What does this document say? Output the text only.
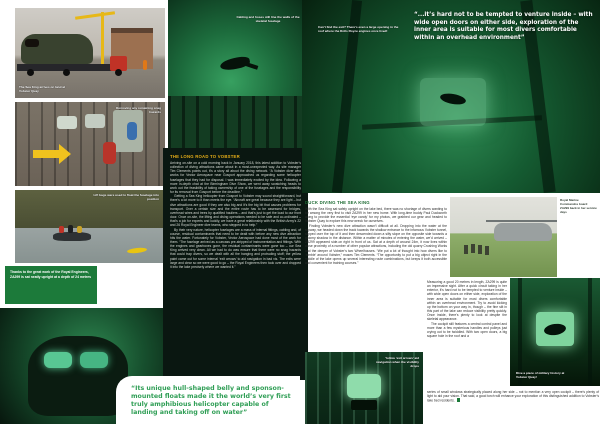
The Sea King arrives on land at Vobster Quay
Removing any remaining snag hazards
Lift bags were used to float the fuselage into position
Thanks to the great work of the Royal Engineers, ZA299 is sat neatly upright at a depth of 24 metres
Cabling and hoses still line the walls of the skeletal fuselage
THE LONG ROAD TO VOBSTER

Arriving on-site on a cold morning back in January 2018, this latest addition to Vobster’s collection of diving attractions came about in a most-unexpected way. As site manager Tim Clements points out, it’s a story all about the diving network. “A Vobster diver who works for Vector Aerospace near Gosport approached us regarding some helicopter fuselages that they had for disposal. I was immediately excited by the idea. Following a more in-depth chat at the Birmingham Dive Show, we went away scratching heads to work out the feasibility of taking ownership of one of the fuselages and the responsibility for its removal from Gosport before the deadline.”

Getting a Sea King helicopter from Gosport to Vobster may sound straightforward, but there’s a lot more to it than meets the eye. “Aircraft are great because they are light – but dive attractions are good if they are also big and it’s the big bit that causes problems for transport. Over a certain size and the entire route has to be assessed for bridges, overhead wires and trees by qualified hauliers – and that’s just to get the load to our front door. Once on-site, the lifting and diving operations needed to be safe and co-ordinated – that’s a job for experts and luckily, we have a great relationship with the British Army’s 22 and 26 Royal Engineer dive teams, who stepped in to help.”

By their very nature, helicopter fuselages are a mass of internal fittings, cabling and, of course, residual contaminants that need to be dealt with before any new dive attraction hits the water. Fortunately for Vobster, Vector Aerospace had done most of the work for them. “The fuselage arrived as a carcass pre-stripped of instrumentation and fittings. With the engines and gearboxes gone, the residual contaminants were gone too – our Sea King arrived very clean. All we had to do was ensure that there were no snag hazards that could trap divers, so we dealt with all the hanging and protruding stuff; the yellow paint came out for some internal ‘exit arrows’ to aid navigation in bad vis. The exits were large and clear so we were good to go – the Royal Engineers then took over and dropped it into the lake precisely where we wanted it.”

“Its unique hull-shaped belly and sponson-mounted floats made it the world’s very first truly amphibious helicopter capable of landing and taking off on water”
Can’t find the exit? There’s even a large opening in the roof where the Rolls Royce engines once lived!
“...it’s hard not to be tempted to venture inside – with wide open doors on either side, exploration of the inner area is suitable for most divers comfortable within an overhead environment”
DUCK DIVING THE SEA KING

With the Sea King sat safely upright on the lake bed, there was no shortage of divers wanting to be among the very first to visit ZA299 in her new home. With long-time buddy Paul Duckworth along to provide the essential ‘eye candy’ for my photos, we grabbed our gear and headed to Vobster Quay to explore this new wreck for ourselves.

Finding Vobster’s new dive attraction wasn’t difficult at all. Dropping into the water at the slipway, we headed down the track towards the shallow entrance to the infamous Vobster tunnel, slipped over the top of it and then descended down a silty slope on the opposite side towards a gloomy shadow in the distance. Within a matter of minutes of entering the water, we’d arrived – ZA299 appeared side-on right in front of us. Sat at a depth of around 24m, it now lives within close proximity of a number of other popular attractions, including the old quarry Crushing Works and the deeper of Vobster’s two Wheelhouses. “We put a lot of thought into how divers like to ‘bimble’ around Vobster,” muses Tim Clements. “The opportunity to put a big object right in the middle of the lake opens up several interesting route combinations, but keeps it both accessible and convenient for training courses.”

Royal Marine Commandos board ZA299 back in her service days
Yellow ‘exit arrows’ aid navigation when the visibility drops

Measuring a good 20 metres in length, ZA299 is quite an impressive sight. After a quick circuit taking in her exterior, it’s hard not to be tempted to venture inside – with wide open doors on either side, exploration of the inner area is suitable for most divers comfortable within an overhead environment. Try to avoid kicking up the bottom on your way in, though – the fine silt in this part of the lake can reduce visibility pretty quickly. Once inside, there’s plenty to look at despite the skeletal appearance.

The cockpit still features a central control panel and more than a few mysterious handles and pulleys just crying out to be twiddled. With two open doors, a big square hole in the roof and a

Dive a piece of military history at Vobster Quay!

series of small windows strategically placed along her side – not to mention a very open cockpit – there’s plenty of light to aid your vision. That said, a good torch will enhance your exploration of this distinguished addition to Vobster’s lake bed residents.
